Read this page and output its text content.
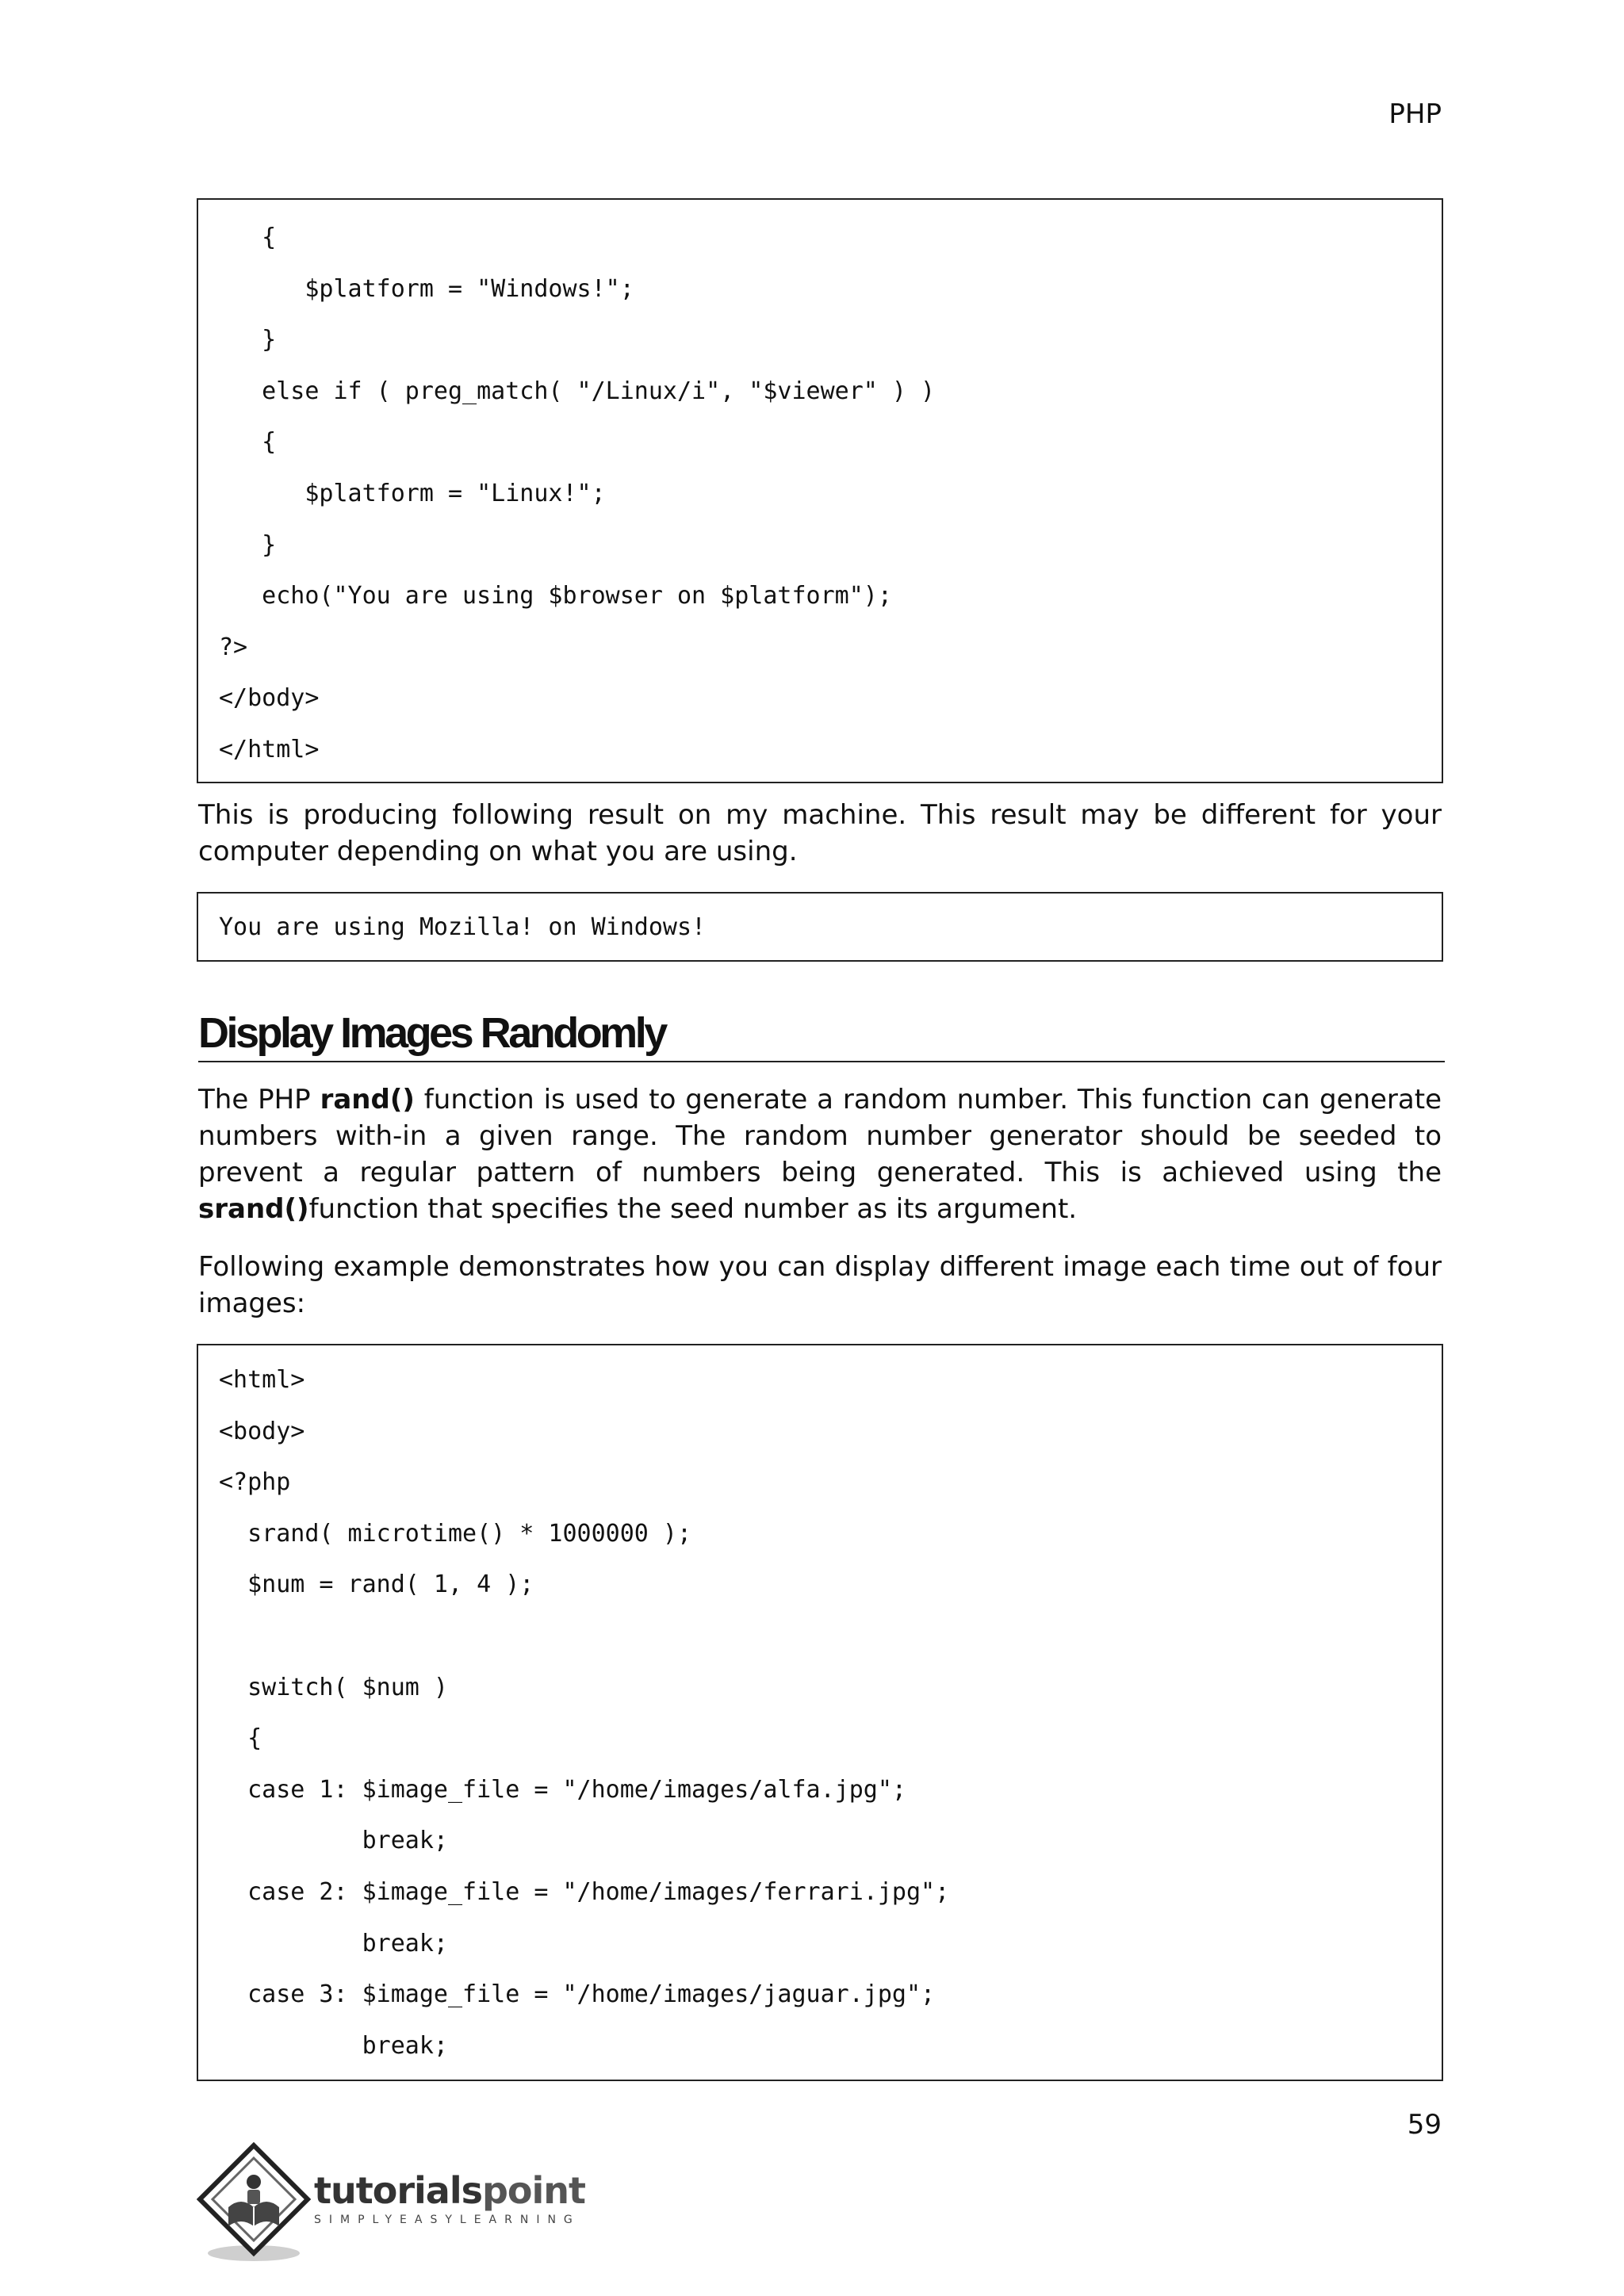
PHP
{
$platform = "Windows!";
}
else if ( preg_match( "/Linux/i", "$viewer" ) )
{
$platform = "Linux!";
}
echo("You are using $browser on $platform");
?>
</body>
</html>
This is producing following result on my machine. This result may be different for your computer depending on what you are using.
You are using Mozilla! on Windows!
Display Images Randomly
The PHP rand() function is used to generate a random number. This function can generate numbers with-in a given range. The random number generator should be seeded to prevent a regular pattern of numbers being generated. This is achieved using the srand()function that specifies the seed number as its argument.
Following example demonstrates how you can display different image each time out of four images:
<html>
<body>
<?php
srand( microtime() * 1000000 );
$num = rand( 1, 4 );
switch( $num )
{
case 1: $image_file = "/home/images/alfa.jpg";
break;
case 2: $image_file = "/home/images/ferrari.jpg";
break;
case 3: $image_file = "/home/images/jaguar.jpg";
break;
59
tutorialspoint
SIMPLYEASYLEARNING
